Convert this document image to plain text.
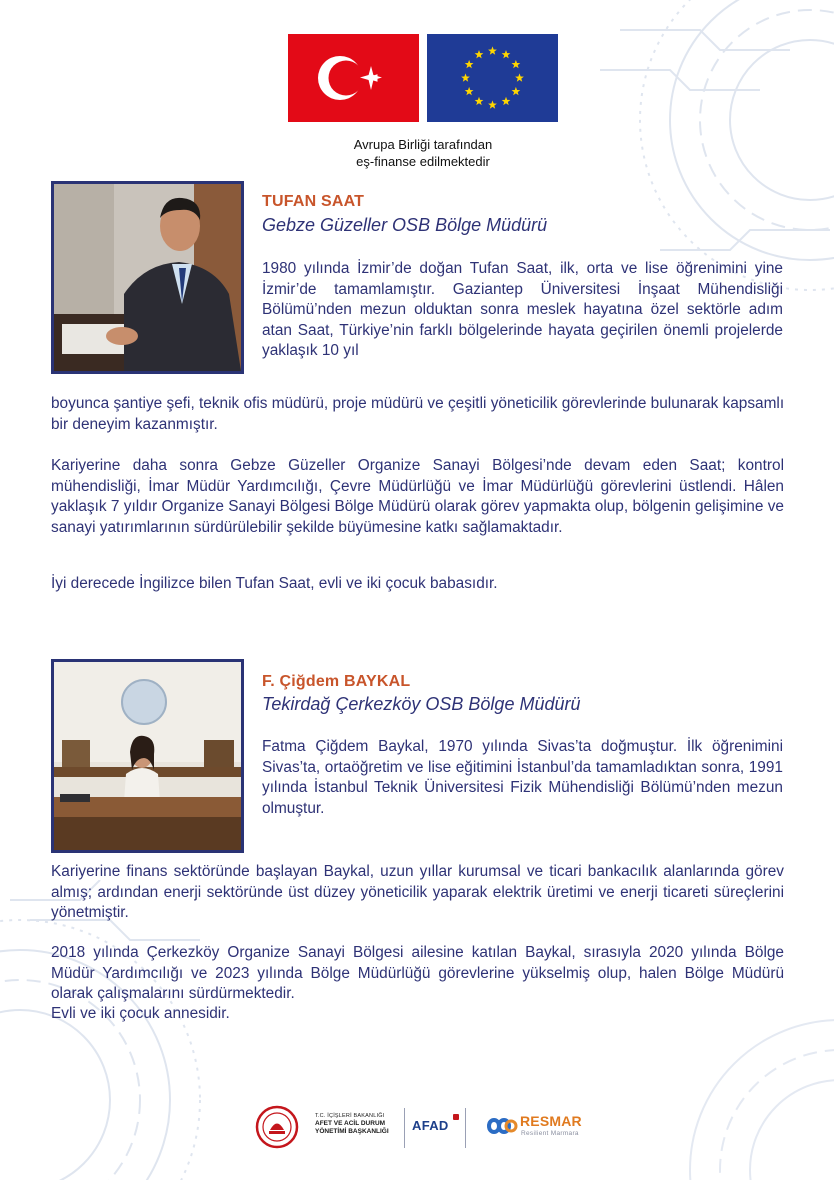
Avrupa Birliği tarafından
eş-finanse edilmektedir
TUFAN SAAT
Gebze Güzeller OSB Bölge Müdürü

1980 yılında İzmir’de doğan Tufan Saat, ilk, orta ve lise öğrenimini yine İzmir’de tamamlamıştır. Gaziantep Üniversitesi İnşaat Mühendisliği Bölümü’nden mezun olduktan sonra meslek hayatına özel sektörle adım atan Saat, Türkiye’nin farklı bölgelerinde hayata geçirilen önemli projelerde yaklaşık 10 yıl

boyunca şantiye şefi, teknik ofis müdürü, proje müdürü ve çeşitli yöneticilik görevlerinde bulunarak kapsamlı bir deneyim kazanmıştır.

Kariyerine daha sonra Gebze Güzeller Organize Sanayi Bölgesi’nde devam eden Saat; kontrol mühendisliği, İmar Müdür Yardımcılığı, Çevre Müdürlüğü ve İmar Müdürlüğü görevlerini üstlendi. Hâlen yaklaşık 7 yıldır Organize Sanayi Bölgesi Bölge Müdürü olarak görev yapmakta olup, bölgenin gelişimine ve sanayi yatırımlarının sürdürülebilir şekilde büyümesine katkı sağlamaktadır.

İyi derecede İngilizce bilen Tufan Saat, evli ve iki çocuk babasıdır.

F. Çiğdem BAYKAL
Tekirdağ Çerkezköy OSB Bölge Müdürü

Fatma Çiğdem Baykal, 1970 yılında Sivas’ta doğmuştur. İlk öğrenimini Sivas’ta, ortaöğretim ve lise eğitimini İstanbul’da tamamladıktan sonra, 1991 yılında İstanbul Teknik Üniversitesi Fizik Mühendisliği Bölümü’nden mezun olmuştur.

Kariyerine finans sektöründe başlayan Baykal, uzun yıllar kurumsal ve ticari bankacılık alanlarında görev almış; ardından enerji sektöründe üst düzey yöneticilik yaparak elektrik üretimi ve enerji ticareti süreçlerini yönetmiştir.

2018 yılında Çerkezköy Organize Sanayi Bölgesi ailesine katılan Baykal, sırasıyla 2020 yılında Bölge Müdür Yardımcılığı ve 2023 yılında Bölge Müdürlüğü görevlerine yükselmiş olup, halen Bölge Müdürü olarak çalışmalarını sürdürmektedir.

Evli ve iki çocuk annesidir.

T.C. İÇİŞLERİ BAKANLIĞI
AFET VE ACİL DURUM
YÖNETİMİ BAŞKANLIĞI	AFAD	RESMAR
Resilient Marmara
